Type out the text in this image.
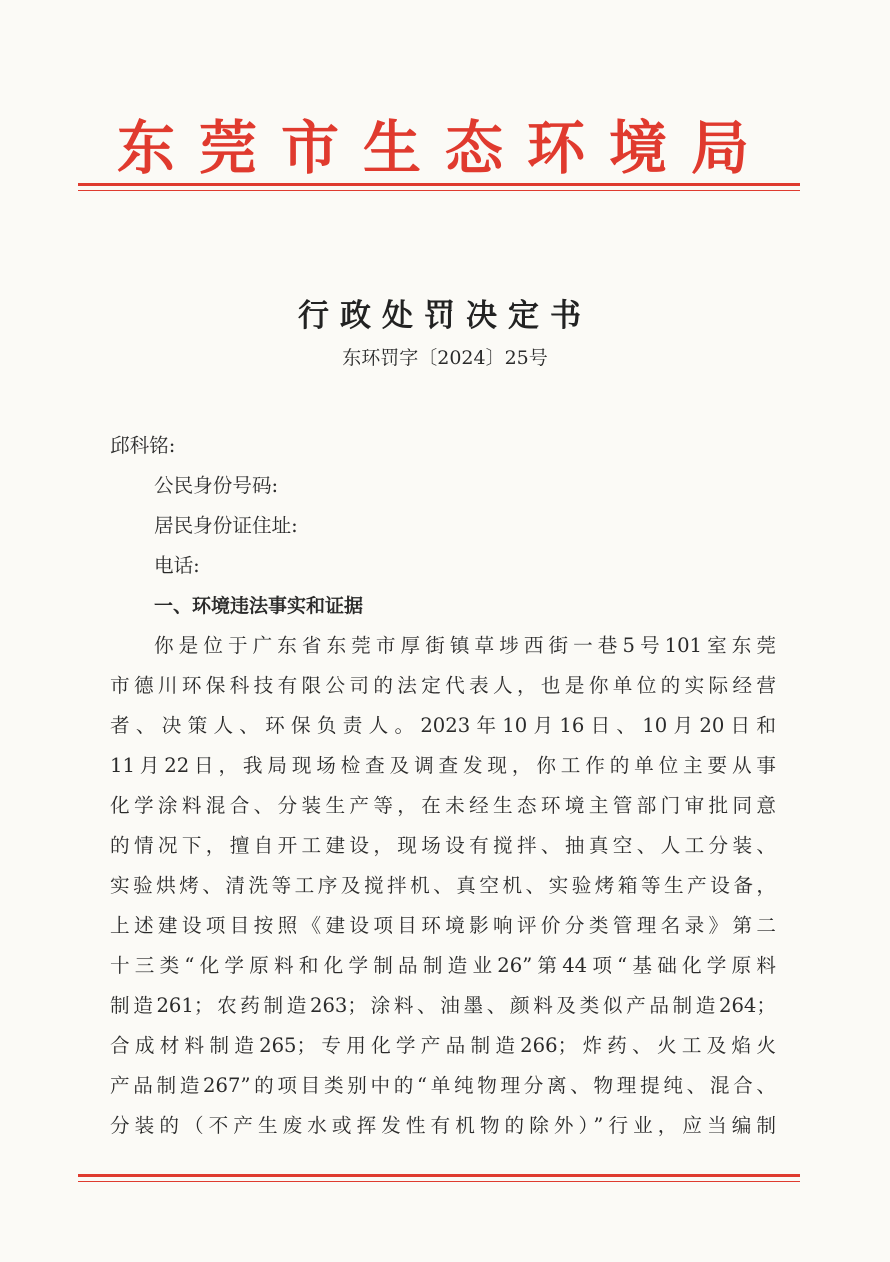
东莞市生态环境局
行政处罚决定书
东环罚字〔2024〕25号
邱科铭:
公民身份号码:
居民身份证住址:
电话:
一、环境违法事实和证据
你是位于广东省东莞市厚街镇草埗西街一巷5号101室东莞
市德川环保科技有限公司的法定代表人，也是你单位的实际经营
者、决策人、环保负责人。2023年10月16日、10月20日和
11月22日，我局现场检查及调查发现，你工作的单位主要从事
化学涂料混合、分装生产等，在未经生态环境主管部门审批同意
的情况下，擅自开工建设，现场设有搅拌、抽真空、人工分装、
实验烘烤、清洗等工序及搅拌机、真空机、实验烤箱等生产设备，
上述建设项目按照《建设项目环境影响评价分类管理名录》第二
十三类“化学原料和化学制品制造业26”第44项“基础化学原料
制造261；农药制造263；涂料、油墨、颜料及类似产品制造264；
合成材料制造265；专用化学产品制造266；炸药、火工及焰火
产品制造267”的项目类别中的“单纯物理分离、物理提纯、混合、
分装的（不产生废水或挥发性有机物的除外）”行业，应当编制
